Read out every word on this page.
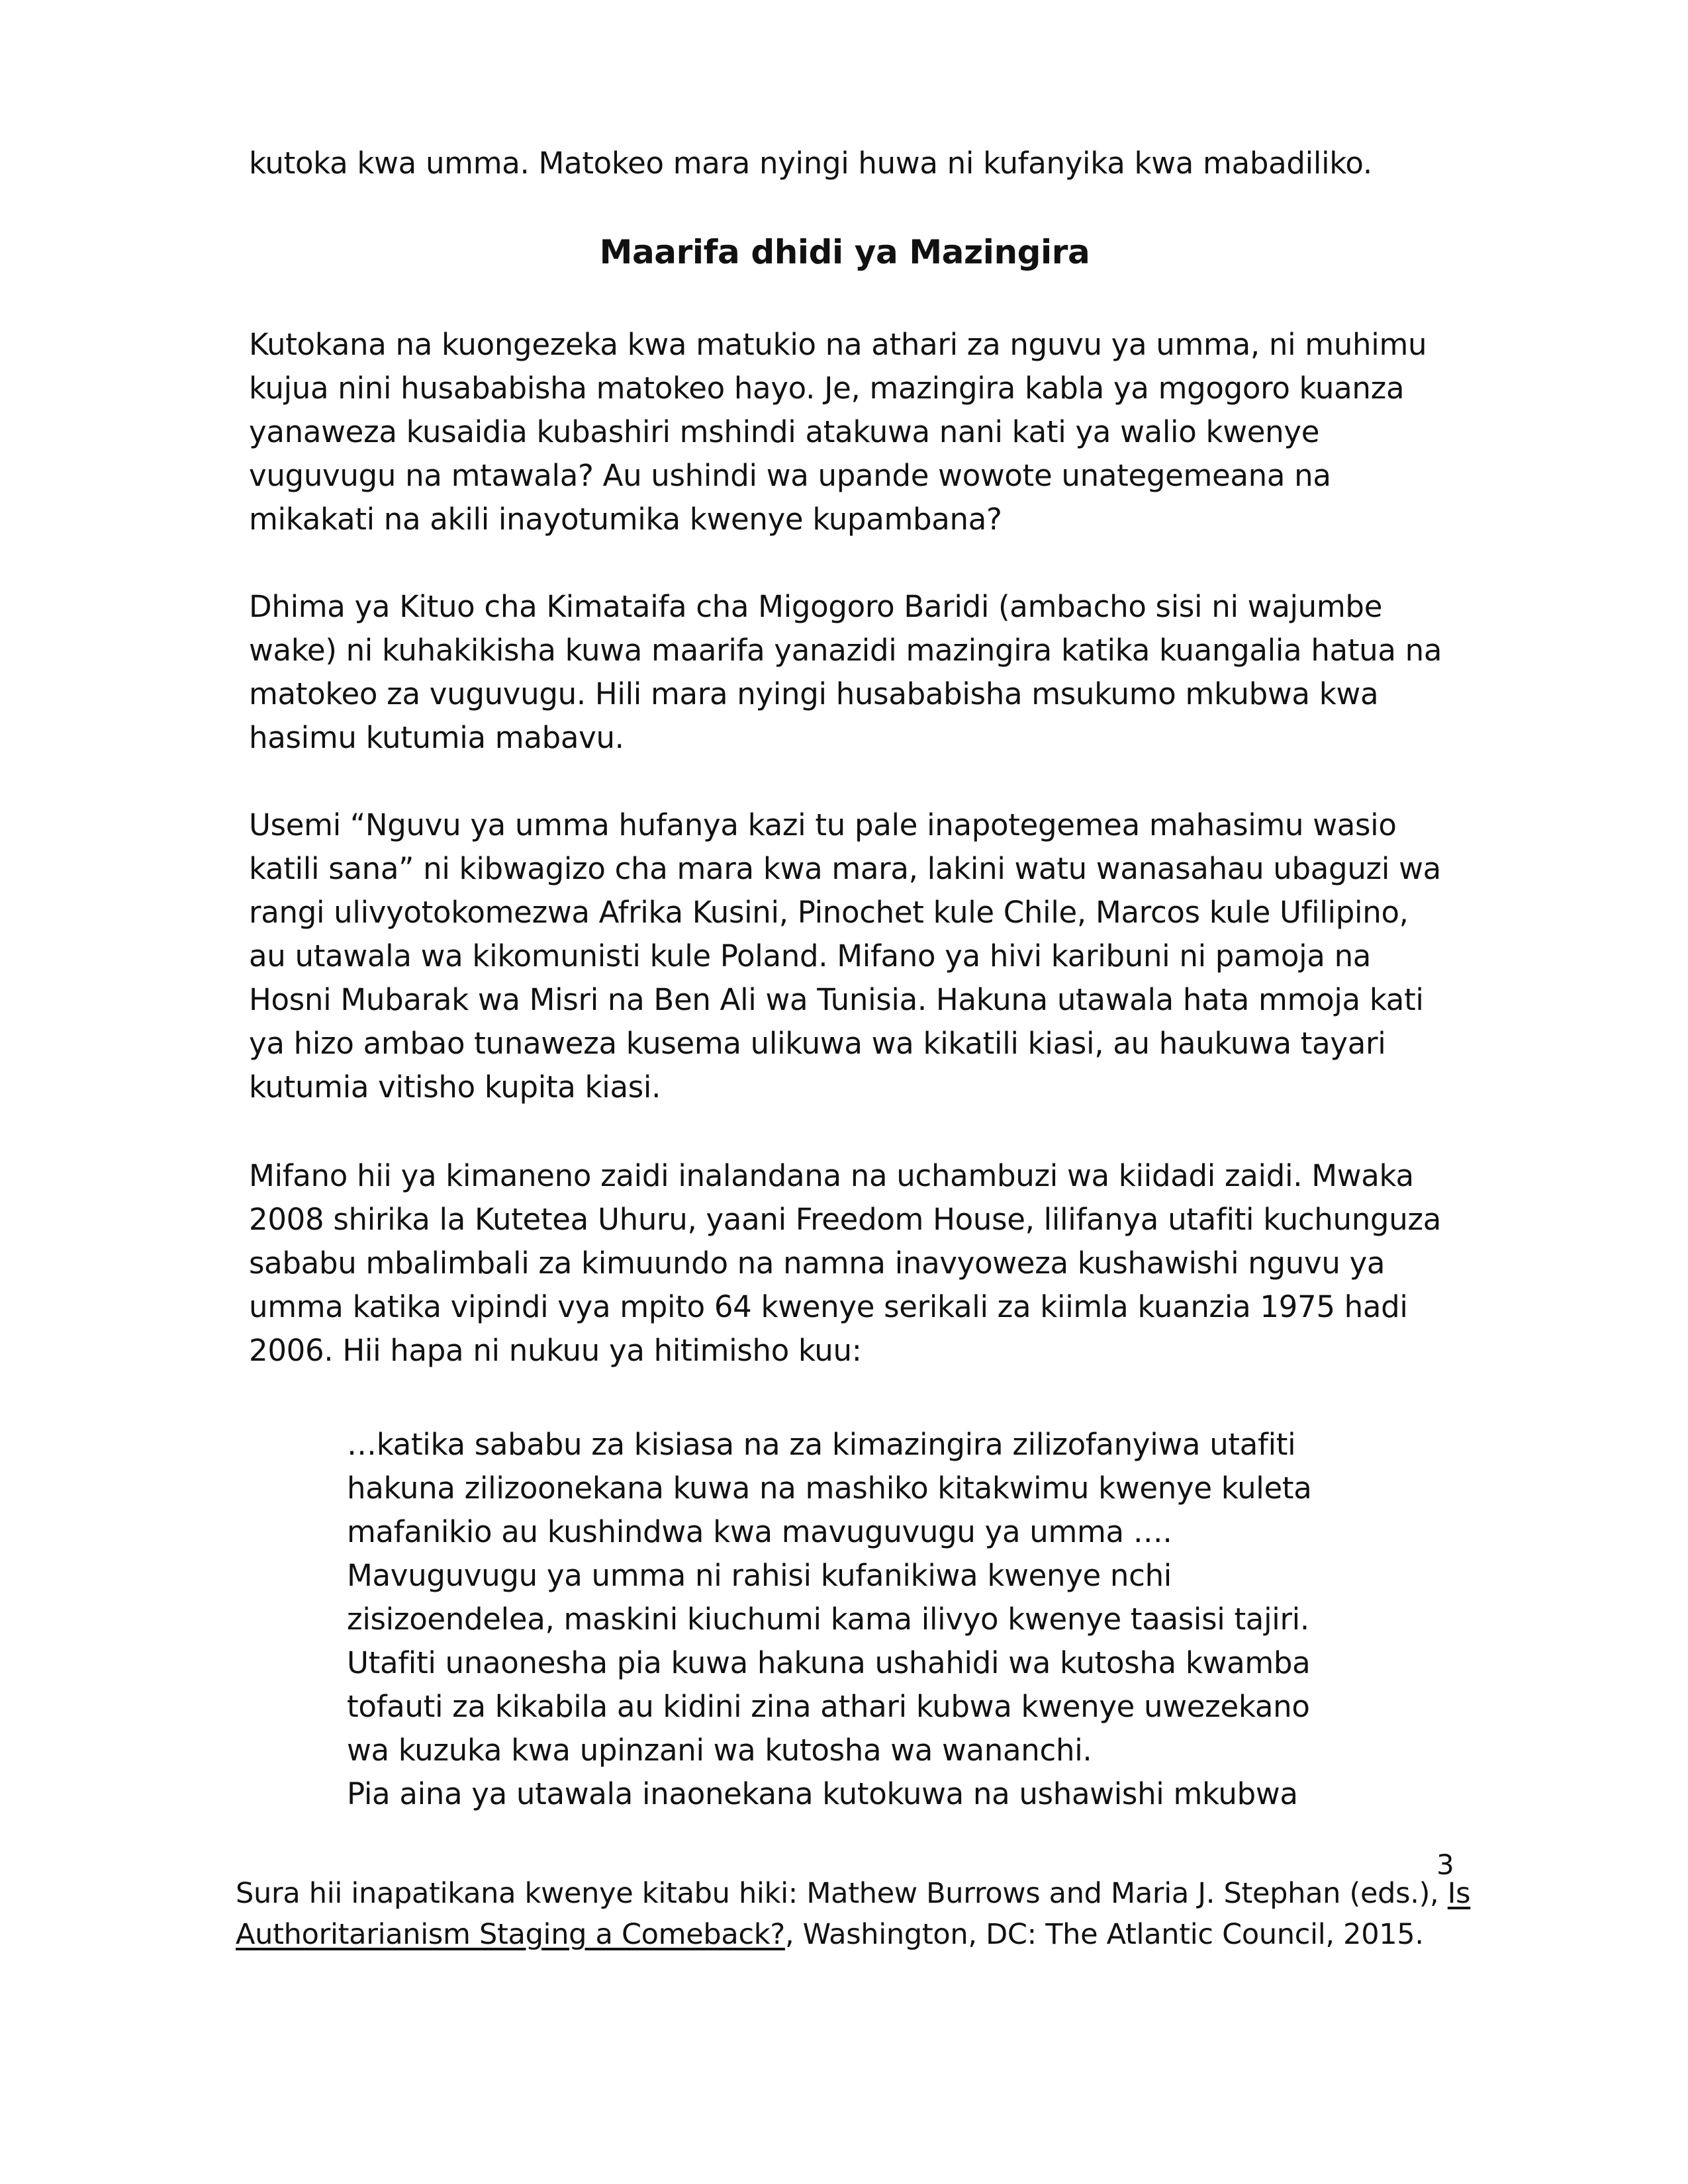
kutoka kwa umma. Matokeo mara nyingi huwa ni kufanyika kwa mabadiliko.

Maarifa dhidi ya Mazingira

Kutokana na kuongezeka kwa matukio na athari za nguvu ya umma, ni muhimu
kujua nini husababisha matokeo hayo. Je, mazingira kabla ya mgogoro kuanza
yanaweza kusaidia kubashiri mshindi atakuwa nani kati ya walio kwenye
vuguvugu na mtawala? Au ushindi wa upande wowote unategemeana na
mikakati na akili inayotumika kwenye kupambana?

Dhima ya Kituo cha Kimataifa cha Migogoro Baridi (ambacho sisi ni wajumbe
wake) ni kuhakikisha kuwa maarifa yanazidi mazingira katika kuangalia hatua na
matokeo za vuguvugu. Hili mara nyingi husababisha msukumo mkubwa kwa
hasimu kutumia mabavu.

Usemi “Nguvu ya umma hufanya kazi tu pale inapotegemea mahasimu wasio
katili sana” ni kibwagizo cha mara kwa mara, lakini watu wanasahau ubaguzi wa
rangi ulivyotokomezwa Afrika Kusini, Pinochet kule Chile, Marcos kule Ufilipino,
au utawala wa kikomunisti kule Poland. Mifano ya hivi karibuni ni pamoja na
Hosni Mubarak wa Misri na Ben Ali wa Tunisia. Hakuna utawala hata mmoja kati
ya hizo ambao tunaweza kusema ulikuwa wa kikatili kiasi, au haukuwa tayari
kutumia vitisho kupita kiasi.

Mifano hii ya kimaneno zaidi inalandana na uchambuzi wa kiidadi zaidi. Mwaka
2008 shirika la Kutetea Uhuru, yaani Freedom House, lilifanya utafiti kuchunguza
sababu mbalimbali za kimuundo na namna inavyoweza kushawishi nguvu ya
umma katika vipindi vya mpito 64 kwenye serikali za kiimla kuanzia 1975 hadi
2006. Hii hapa ni nukuu ya hitimisho kuu:

…katika sababu za kisiasa na za kimazingira zilizofanyiwa utafiti
hakuna zilizoonekana kuwa na mashiko kitakwimu kwenye kuleta
mafanikio au kushindwa kwa mavuguvugu ya umma ….
Mavuguvugu ya umma ni rahisi kufanikiwa kwenye nchi
zisizoendelea, maskini kiuchumi kama ilivyo kwenye taasisi tajiri.
Utafiti unaonesha pia kuwa hakuna ushahidi wa kutosha kwamba
tofauti za kikabila au kidini zina athari kubwa kwenye uwezekano
wa kuzuka kwa upinzani wa kutosha wa wananchi.
Pia aina ya utawala inaonekana kutokuwa na ushawishi mkubwa
3
Sura hii inapatikana kwenye kitabu hiki: Mathew Burrows and Maria J. Stephan (eds.), Is
Authoritarianism Staging a Comeback?, Washington, DC: The Atlantic Council, 2015.
